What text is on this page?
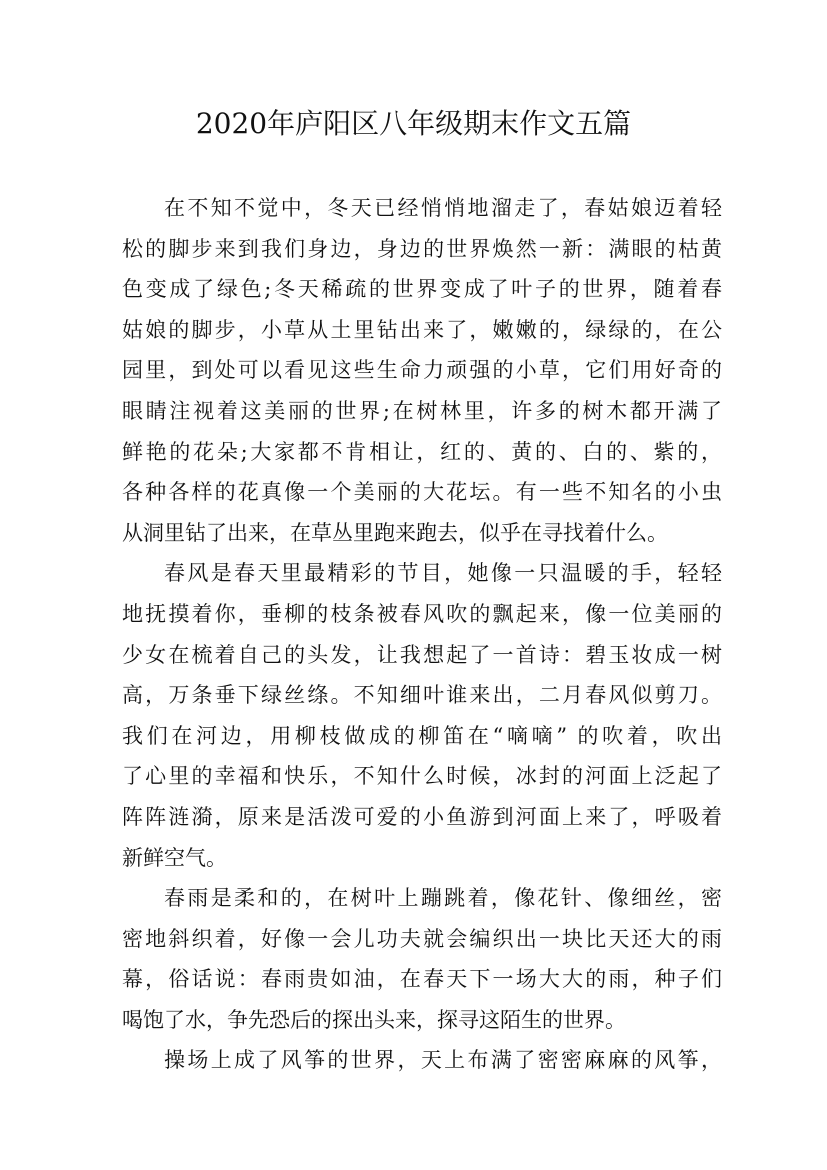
2020年庐阳区八年级期末作文五篇
在不知不觉中，冬天已经悄悄地溜走了，春姑娘迈着轻
松的脚步来到我们身边，身边的世界焕然一新：满眼的枯黄
色变成了绿色;冬天稀疏的世界变成了叶子的世界，随着春
姑娘的脚步，小草从土里钻出来了，嫩嫩的，绿绿的，在公
园里，到处可以看见这些生命力顽强的小草，它们用好奇的
眼睛注视着这美丽的世界;在树林里，许多的树木都开满了
鲜艳的花朵;大家都不肯相让，红的、黄的、白的、紫的，
各种各样的花真像一个美丽的大花坛。有一些不知名的小虫
从洞里钻了出来，在草丛里跑来跑去，似乎在寻找着什么。
春风是春天里最精彩的节目，她像一只温暖的手，轻轻
地抚摸着你，垂柳的枝条被春风吹的飘起来，像一位美丽的
少女在梳着自己的头发，让我想起了一首诗：碧玉妆成一树
高，万条垂下绿丝绦。不知细叶谁来出，二月春风似剪刀。
我们在河边，用柳枝做成的柳笛在“嘀嘀” 的吹着，吹出
了心里的幸福和快乐，不知什么时候，冰封的河面上泛起了
阵阵涟漪，原来是活泼可爱的小鱼游到河面上来了，呼吸着
新鲜空气。
春雨是柔和的，在树叶上蹦跳着，像花针、像细丝，密
密地斜织着，好像一会儿功夫就会编织出一块比天还大的雨
幕，俗话说：春雨贵如油，在春天下一场大大的雨，种子们
喝饱了水，争先恐后的探出头来，探寻这陌生的世界。
操场上成了风筝的世界，天上布满了密密麻麻的风筝，
